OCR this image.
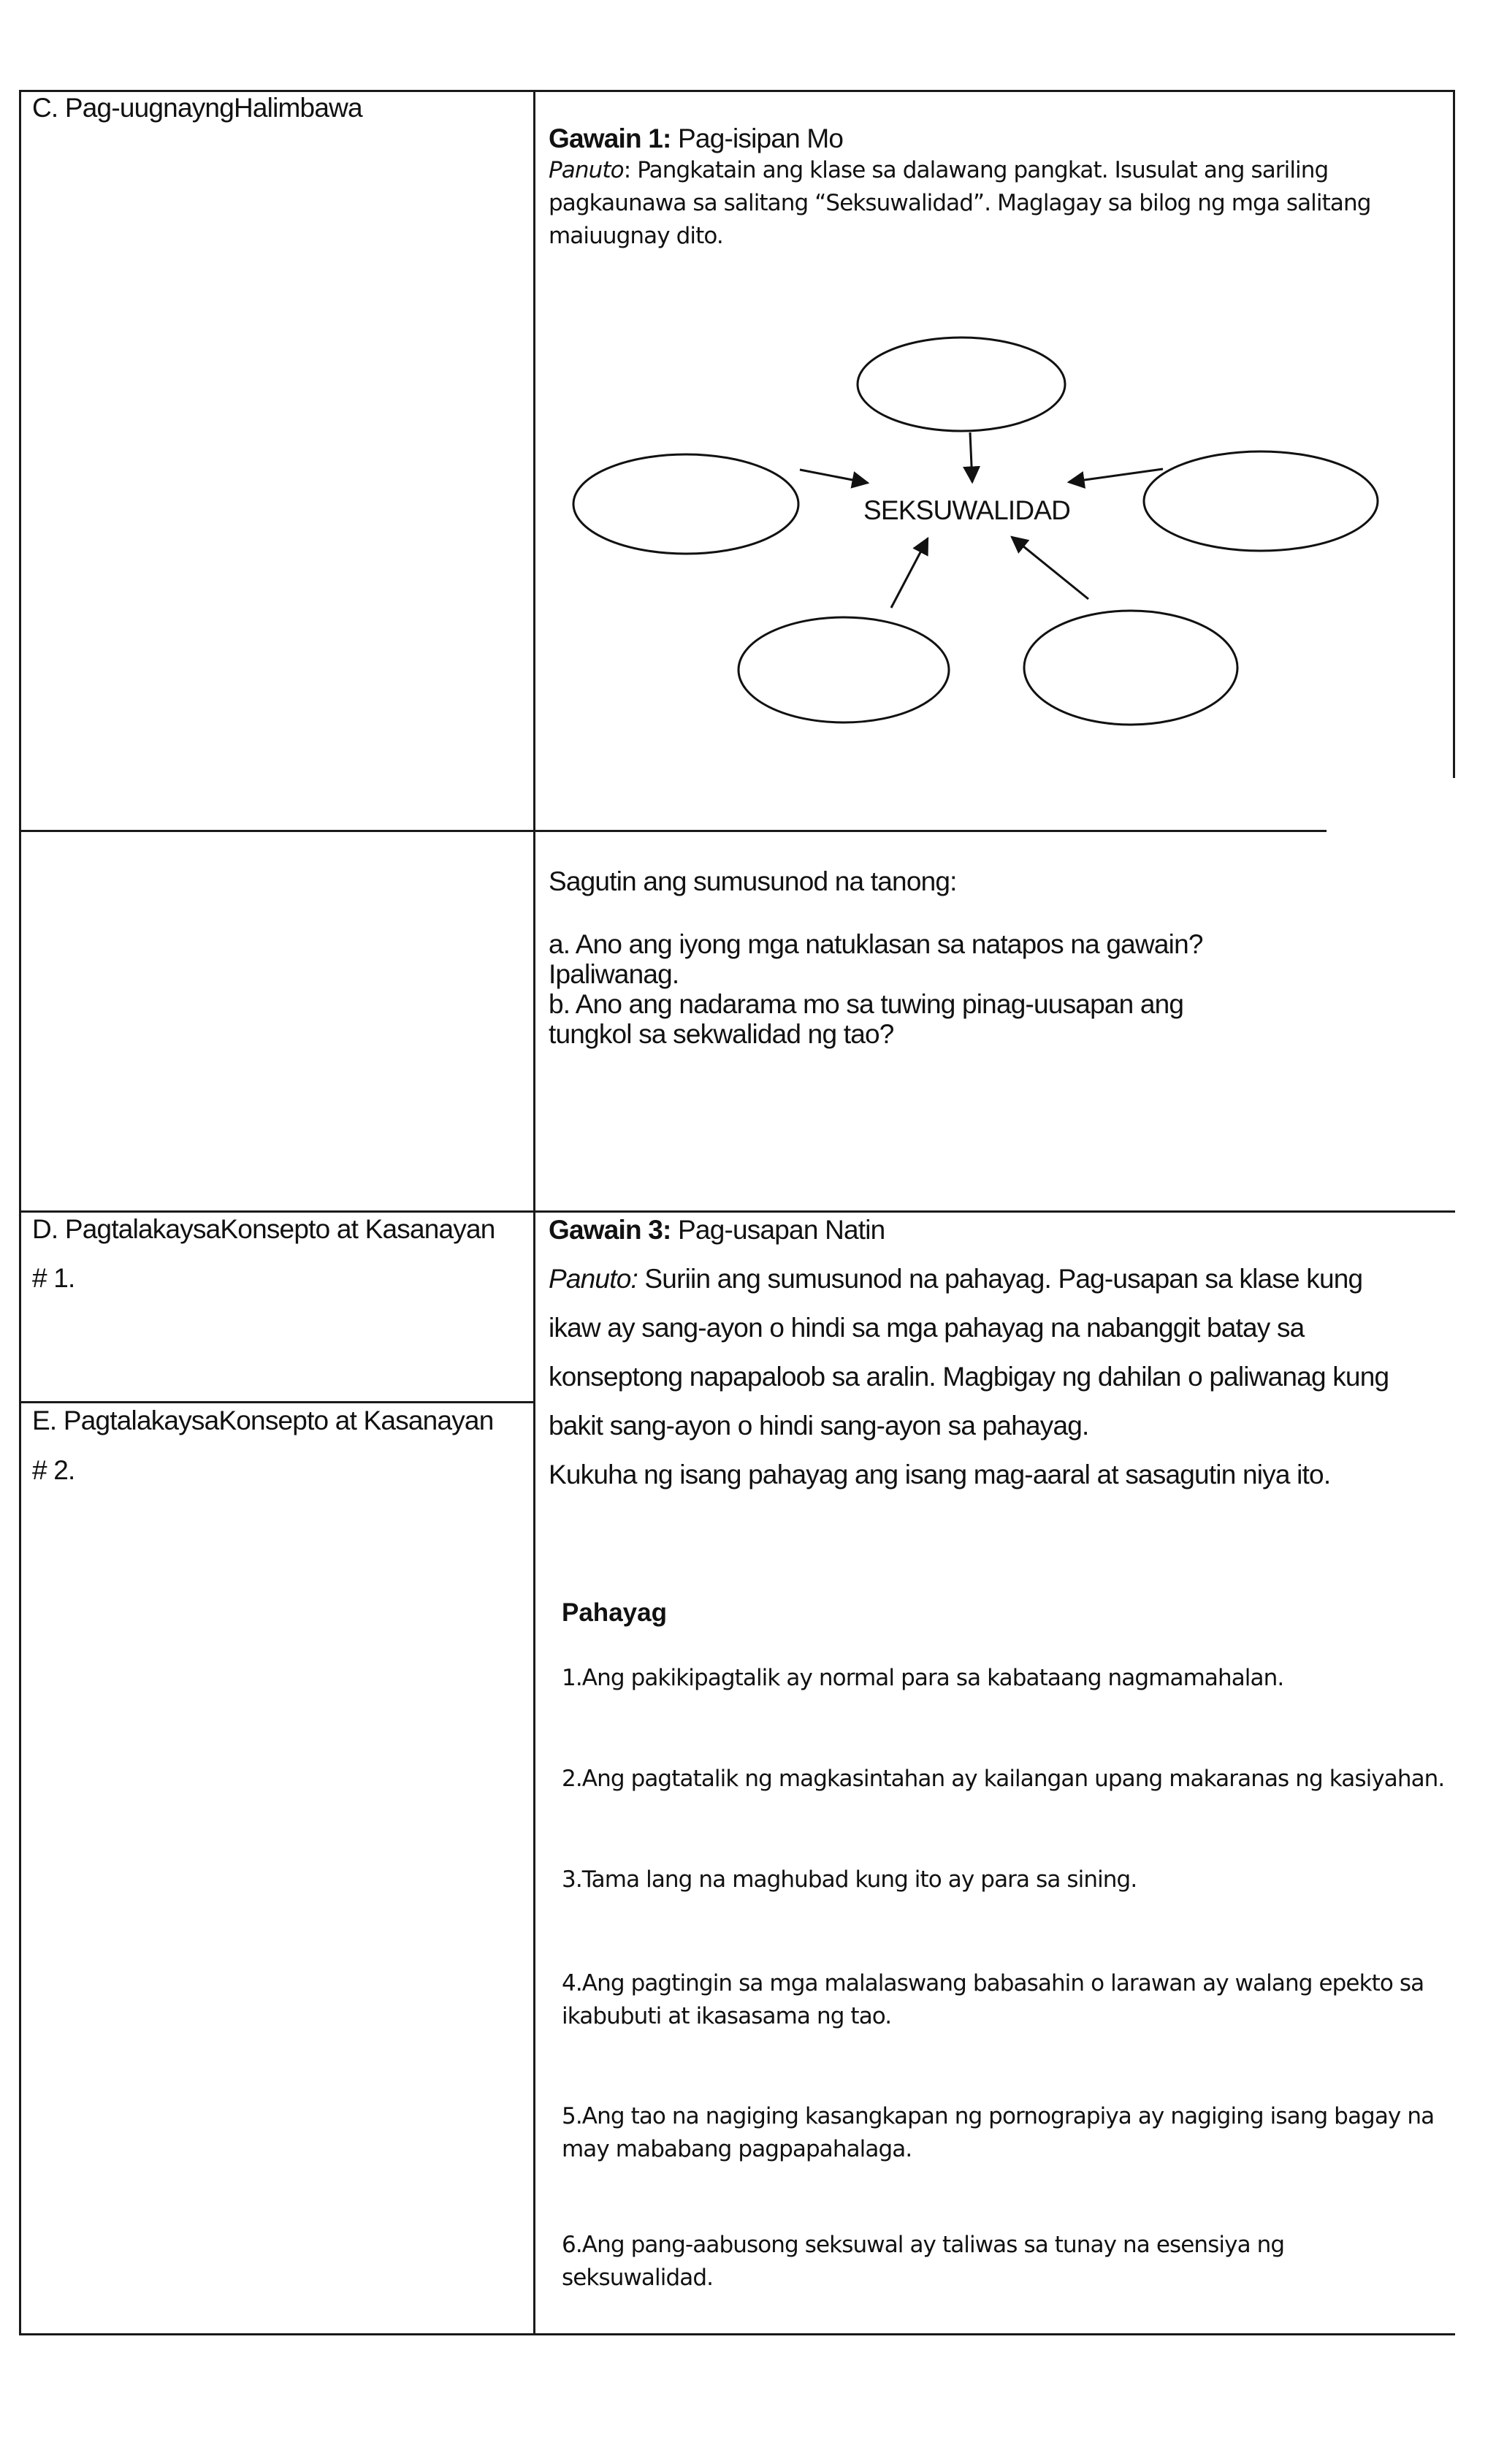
C. Pag-uugnayngHalimbawa
Gawain 1: Pag-isipan Mo
Panuto: Pangkatain ang klase sa dalawang pangkat. Isusulat ang sariling
pagkaunawa sa salitang “Seksuwalidad”. Maglagay sa bilog ng mga salitang
maiuugnay dito.
SEKSUWALIDAD
Sagutin ang sumusunod na tanong:
a. Ano ang iyong mga natuklasan sa natapos na gawain?
Ipaliwanag.
b. Ano ang nadarama mo sa tuwing pinag-uusapan ang
tungkol sa sekwalidad ng tao?
D. PagtalakaysaKonsepto at Kasanayan
# 1.
E. PagtalakaysaKonsepto at Kasanayan
# 2.
Gawain 3: Pag-usapan Natin
Panuto: Suriin ang sumusunod na pahayag. Pag-usapan sa klase kung
ikaw ay sang-ayon o hindi sa mga pahayag na nabanggit batay sa
konseptong napapaloob sa aralin. Magbigay ng dahilan o paliwanag kung
bakit sang-ayon o hindi sang-ayon sa pahayag.
Kukuha ng isang pahayag ang isang mag-aaral at sasagutin niya ito.
Pahayag
1.Ang pakikipagtalik ay normal para sa kabataang nagmamahalan.
2.Ang pagtatalik ng magkasintahan ay kailangan upang makaranas ng kasiyahan.
3.Tama lang na maghubad kung ito ay para sa sining.
4.Ang pagtingin sa mga malalaswang babasahin o larawan ay walang epekto sa
ikabubuti at ikasasama ng tao.
5.Ang tao na nagiging kasangkapan ng pornograpiya ay nagiging isang bagay na
may mababang pagpapahalaga.
6.Ang pang-aabusong seksuwal ay taliwas sa tunay na esensiya ng
seksuwalidad.
